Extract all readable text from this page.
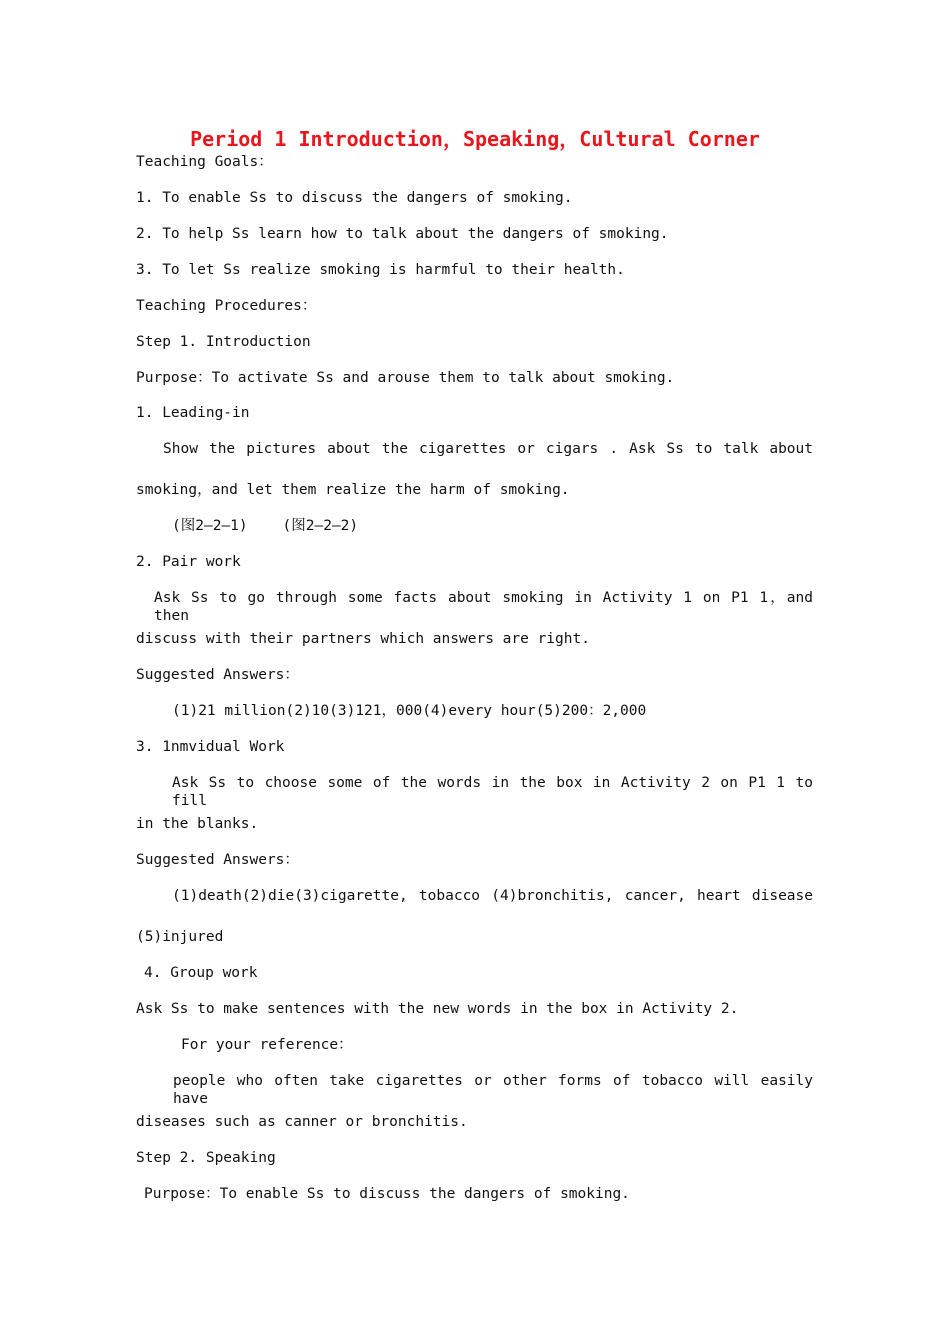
Period 1 Introduction，Speaking，Cultural Corner
Teaching Goals：
1. To enable Ss to discuss the dangers of smoking.
2. To help Ss learn how to talk about the dangers of smoking.
3. To let Ss realize smoking is harmful to their health.
Teaching Procedures：
Step 1. Introduction
Purpose：To activate Ss and arouse them to talk about smoking.
1. Leading-in
Show the pictures about the cigarettes or cigars . Ask Ss to talk about
smoking，and let them realize the harm of smoking.
(图2—2—1)    (图2—2—2)
2. Pair work
Ask Ss to go through some facts about smoking in Activity 1 on P1 1，and then
discuss with their partners which answers are right.
Suggested Answers：
(1)21 million(2)10(3)121，000(4)every hour(5)200：2,000
3. 1nmvidual Work
Ask Ss to choose some of the words in the box in Activity 2 on P1 1 to fill
in the blanks.
Suggested Answers：
(1)death(2)die(3)cigarette, tobacco (4)bronchitis, cancer, heart disease
(5)injured
4. Group work
Ask Ss to make sentences with the new words in the box in Activity 2.
For your reference：
people who often take cigarettes or other forms of tobacco will easily have
diseases such as canner or bronchitis.
Step 2. Speaking
Purpose：To enable Ss to discuss the dangers of smoking.
